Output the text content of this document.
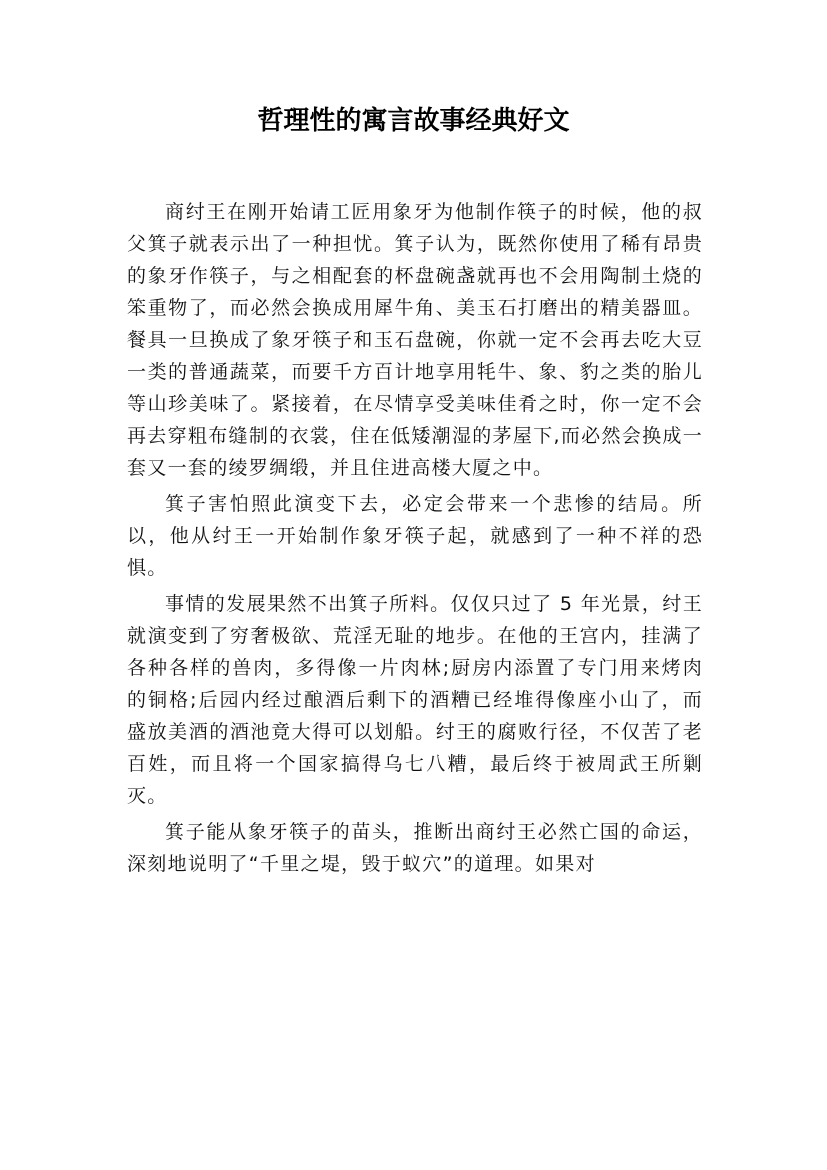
哲理性的寓言故事经典好文

商纣王在刚开始请工匠用象牙为他制作筷子的时候，他的叔父箕子就表示出了一种担忧。箕子认为，既然你使用了稀有昂贵的象牙作筷子，与之相配套的杯盘碗盏就再也不会用陶制土烧的笨重物了，而必然会换成用犀牛角、美玉石打磨出的精美器皿。餐具一旦换成了象牙筷子和玉石盘碗，你就一定不会再去吃大豆一类的普通蔬菜，而要千方百计地享用牦牛、象、豹之类的胎儿等山珍美味了。紧接着，在尽情享受美味佳肴之时，你一定不会再去穿粗布缝制的衣裳，住在低矮潮湿的茅屋下,而必然会换成一套又一套的绫罗绸缎，并且住进高楼大厦之中。

箕子害怕照此演变下去，必定会带来一个悲惨的结局。所以，他从纣王一开始制作象牙筷子起，就感到了一种不祥的恐惧。

事情的发展果然不出箕子所料。仅仅只过了 5 年光景，纣王就演变到了穷奢极欲、荒淫无耻的地步。在他的王宫内，挂满了各种各样的兽肉，多得像一片肉林;厨房内添置了专门用来烤肉的铜格;后园内经过酿酒后剩下的酒糟已经堆得像座小山了，而盛放美酒的酒池竟大得可以划船。纣王的腐败行径，不仅苦了老百姓，而且将一个国家搞得乌七八糟，最后终于被周武王所剿灭。

箕子能从象牙筷子的苗头，推断出商纣王必然亡国的命运，深刻地说明了“千里之堤，毁于蚁穴”的道理。如果对
